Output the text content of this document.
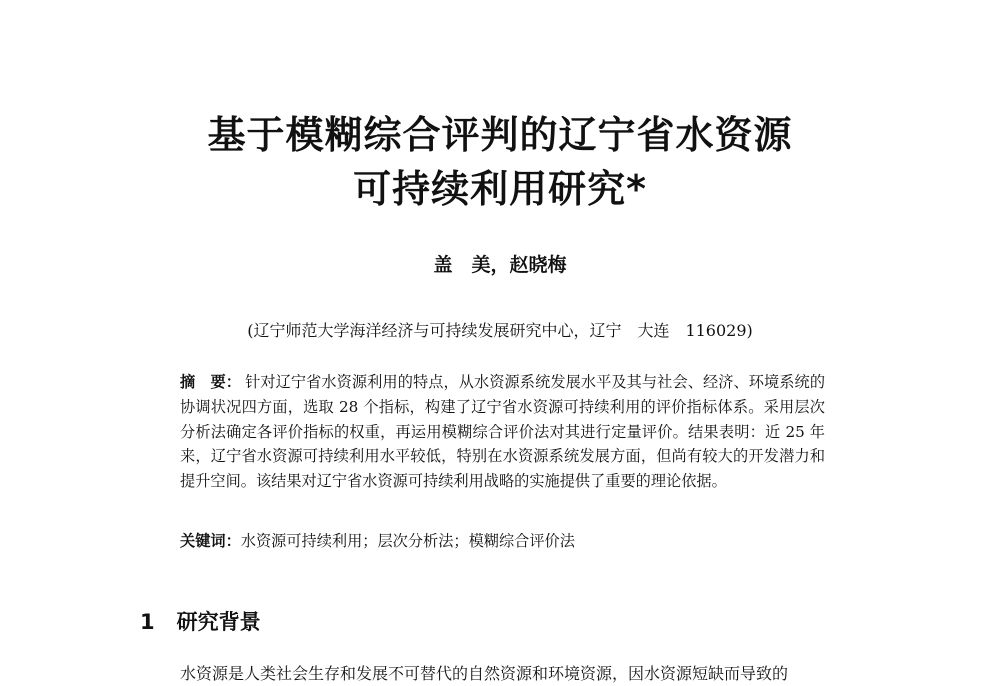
基于模糊综合评判的辽宁省水资源
可持续利用研究*

盖　美，赵晓梅

(辽宁师范大学海洋经济与可持续发展研究中心，辽宁　大连　116029)

摘　要： 针对辽宁省水资源利用的特点，从水资源系统发展水平及其与社会、经济、环境系统的协调状况四方面，选取 28 个指标，构建了辽宁省水资源可持续利用的评价指标体系。采用层次分析法确定各评价指标的权重，再运用模糊综合评价法对其进行定量评价。结果表明：近 25 年来，辽宁省水资源可持续利用水平较低，特别在水资源系统发展方面，但尚有较大的开发潜力和提升空间。该结果对辽宁省水资源可持续利用战略的实施提供了重要的理论依据。

关键词：水资源可持续利用；层次分析法；模糊综合评价法

1 研究背景

水资源是人类社会生存和发展不可替代的自然资源和环境资源，因水资源短缺而导致的
